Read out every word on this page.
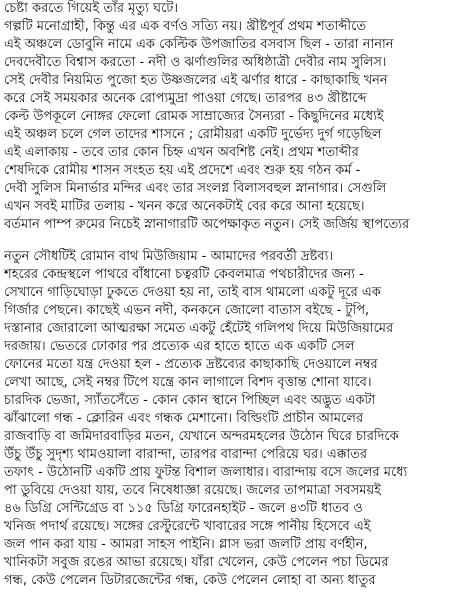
চেষ্টা করতে গিয়েই তাঁর মৃত্যু ঘটে।
গল্পটি মনোগ্রাহী, কিন্তু এর এক বর্ণও সত্যি নয়। খ্রীষ্টপূর্ব প্রথম শতাব্দীতে
এই অঞ্চলে ডোবুনি নামে এক কেল্টিক উপজাতির বসবাস ছিল - তারা নানান
দেবদেবীতে বিশ্বাস করতো - নদী ও ঝর্ণাগুলির অধিষ্ঠাত্রী দেবীর নাম সুলিস।
সেই দেবীর নিয়মিত পুজো হত উষ্ণজলের এই ঝর্ণার ধারে - কাছাকাছি খনন
করে সেই সময়কার অনেক রোপ্যমুদ্রা পাওয়া গেছে। তারপর ৪৩ খ্রীষ্টাব্দে
কেল্ট উপকূলে নোঙ্গর ফেলো রোমক সাম্রাজ্যের সৈন্যরা - কিছুদিনের মধ্যেই
এই অঞ্চল চলে গেল তাদের শাসনে ; রোমীয়রা একটি দুর্ভেদ্য দুর্গ গড়েছিল
এই এলাকায় - তবে তার কোন চিহ্ন এখন অবশিষ্ট নেই। প্রথম শতাব্দীর
শেষদিকে রোমীয় শাসন সংহত হয় এই প্রদেশে এবং শুরু হয় গঠন কর্ম -
দেবী সুলিস মিনার্ভার মন্দির এবং তার সংলগ্ন বিলাসবহুল স্নানাগার। সেগুলি
এখন সবই মাটির তলায় - খনন করে অনেকটাই বের করে আনা হয়েছে।
বর্তমান পাম্প রুমের নিচেই স্নানাগারটি অপেক্ষাকৃত নতুন। সেই জর্জিয় স্থাপত্যের
নতুন সৌধটিই রোমান বাথ মিউজিয়াম - আমাদের পরবর্তী দ্রষ্টব্য।
শহরের কেন্দ্রস্থলে পাথরে বাঁধানো চত্বরটি কেবলমাত্র পথচারীদের জন্য -
সেখানে গাড়িঘোড়া ঢুকতে দেওয়া হয় না, তাই বাস থামলো একটু দূরে এক
গির্জার পেছনে। কাছেই এভন নদী, কনকনে জোলো বাতাস বইছে - টুপি,
দস্তানার জোরালো আত্মরক্ষা সমেত একটু হেঁটেই গলিপথ দিয়ে মিউজিয়ামের
দরজায়। ভেতরে ঢোকার পর প্রত্যেক এর হাতে হাতে এক একটি সেল
ফোনের মতো যন্ত্র দেওয়া হল - প্রত্যেক দ্রষ্টব্যের কাছাকাছি দেওয়ালে নম্বর
লেখা আছে, সেই নম্বর টিপে যন্ত্রে কান লাগালে বিশদ বৃত্তান্ত শোনা যাবে।
চারদিক ভেজা, স্যাঁতসেঁতে - কোন কোন স্থানে পিচ্ছিল এবং অদ্ভুত একটা
ঝাঁঝালো গন্ধ - ক্লোরিন এবং গন্ধক মেশানো। বিল্ডিংটি প্রাচীন আমলের
রাজবাড়ি বা জমিদারবাড়ির মতন, যেখানে অন্দরমহলের উঠোন ঘিরে চারদিকে
উঁচু উঁচু সুদৃশ্য থামওয়ালা বারান্দা, তারপর বারান্দা পেরিয়ে ঘর। এক্কাতর
তফাৎ - উঠোনটি একটি প্রায় ফুটন্ত বিশাল জলাধার। বারান্দায় বসে জলের মধ্যে
পা ডুবিয়ে দেওয়া যায়, তবে নিষেধাজ্ঞা রয়েছে। জলের তাপমাত্রা সবসময়ই
৪৬ ডিগ্রি সেন্টিগ্রেড বা ১১৫ ডিগ্রি ফারেনহাইট - জলে ৪৩টি ধাতব ও
খনিজ পদার্থ রয়েছে। সঙ্গের রেস্টুরেন্টে খাবারের সঙ্গে পানীয় হিসেবে এই
জল পান করা যায় - আমরা সাহস পাইনি। গ্লাস ভরা জলটি প্রায় বর্ণহীন,
খানিকটা সবুজ রঙের আভা রয়েছে। যাঁরা খেলেন, কেউ পেলেন পচা ডিমের
গন্ধ, কেউ পেলেন ডিটারজেন্টের গন্ধ, কেউ পেলেন লোহা বা অন্য ধাতুর
